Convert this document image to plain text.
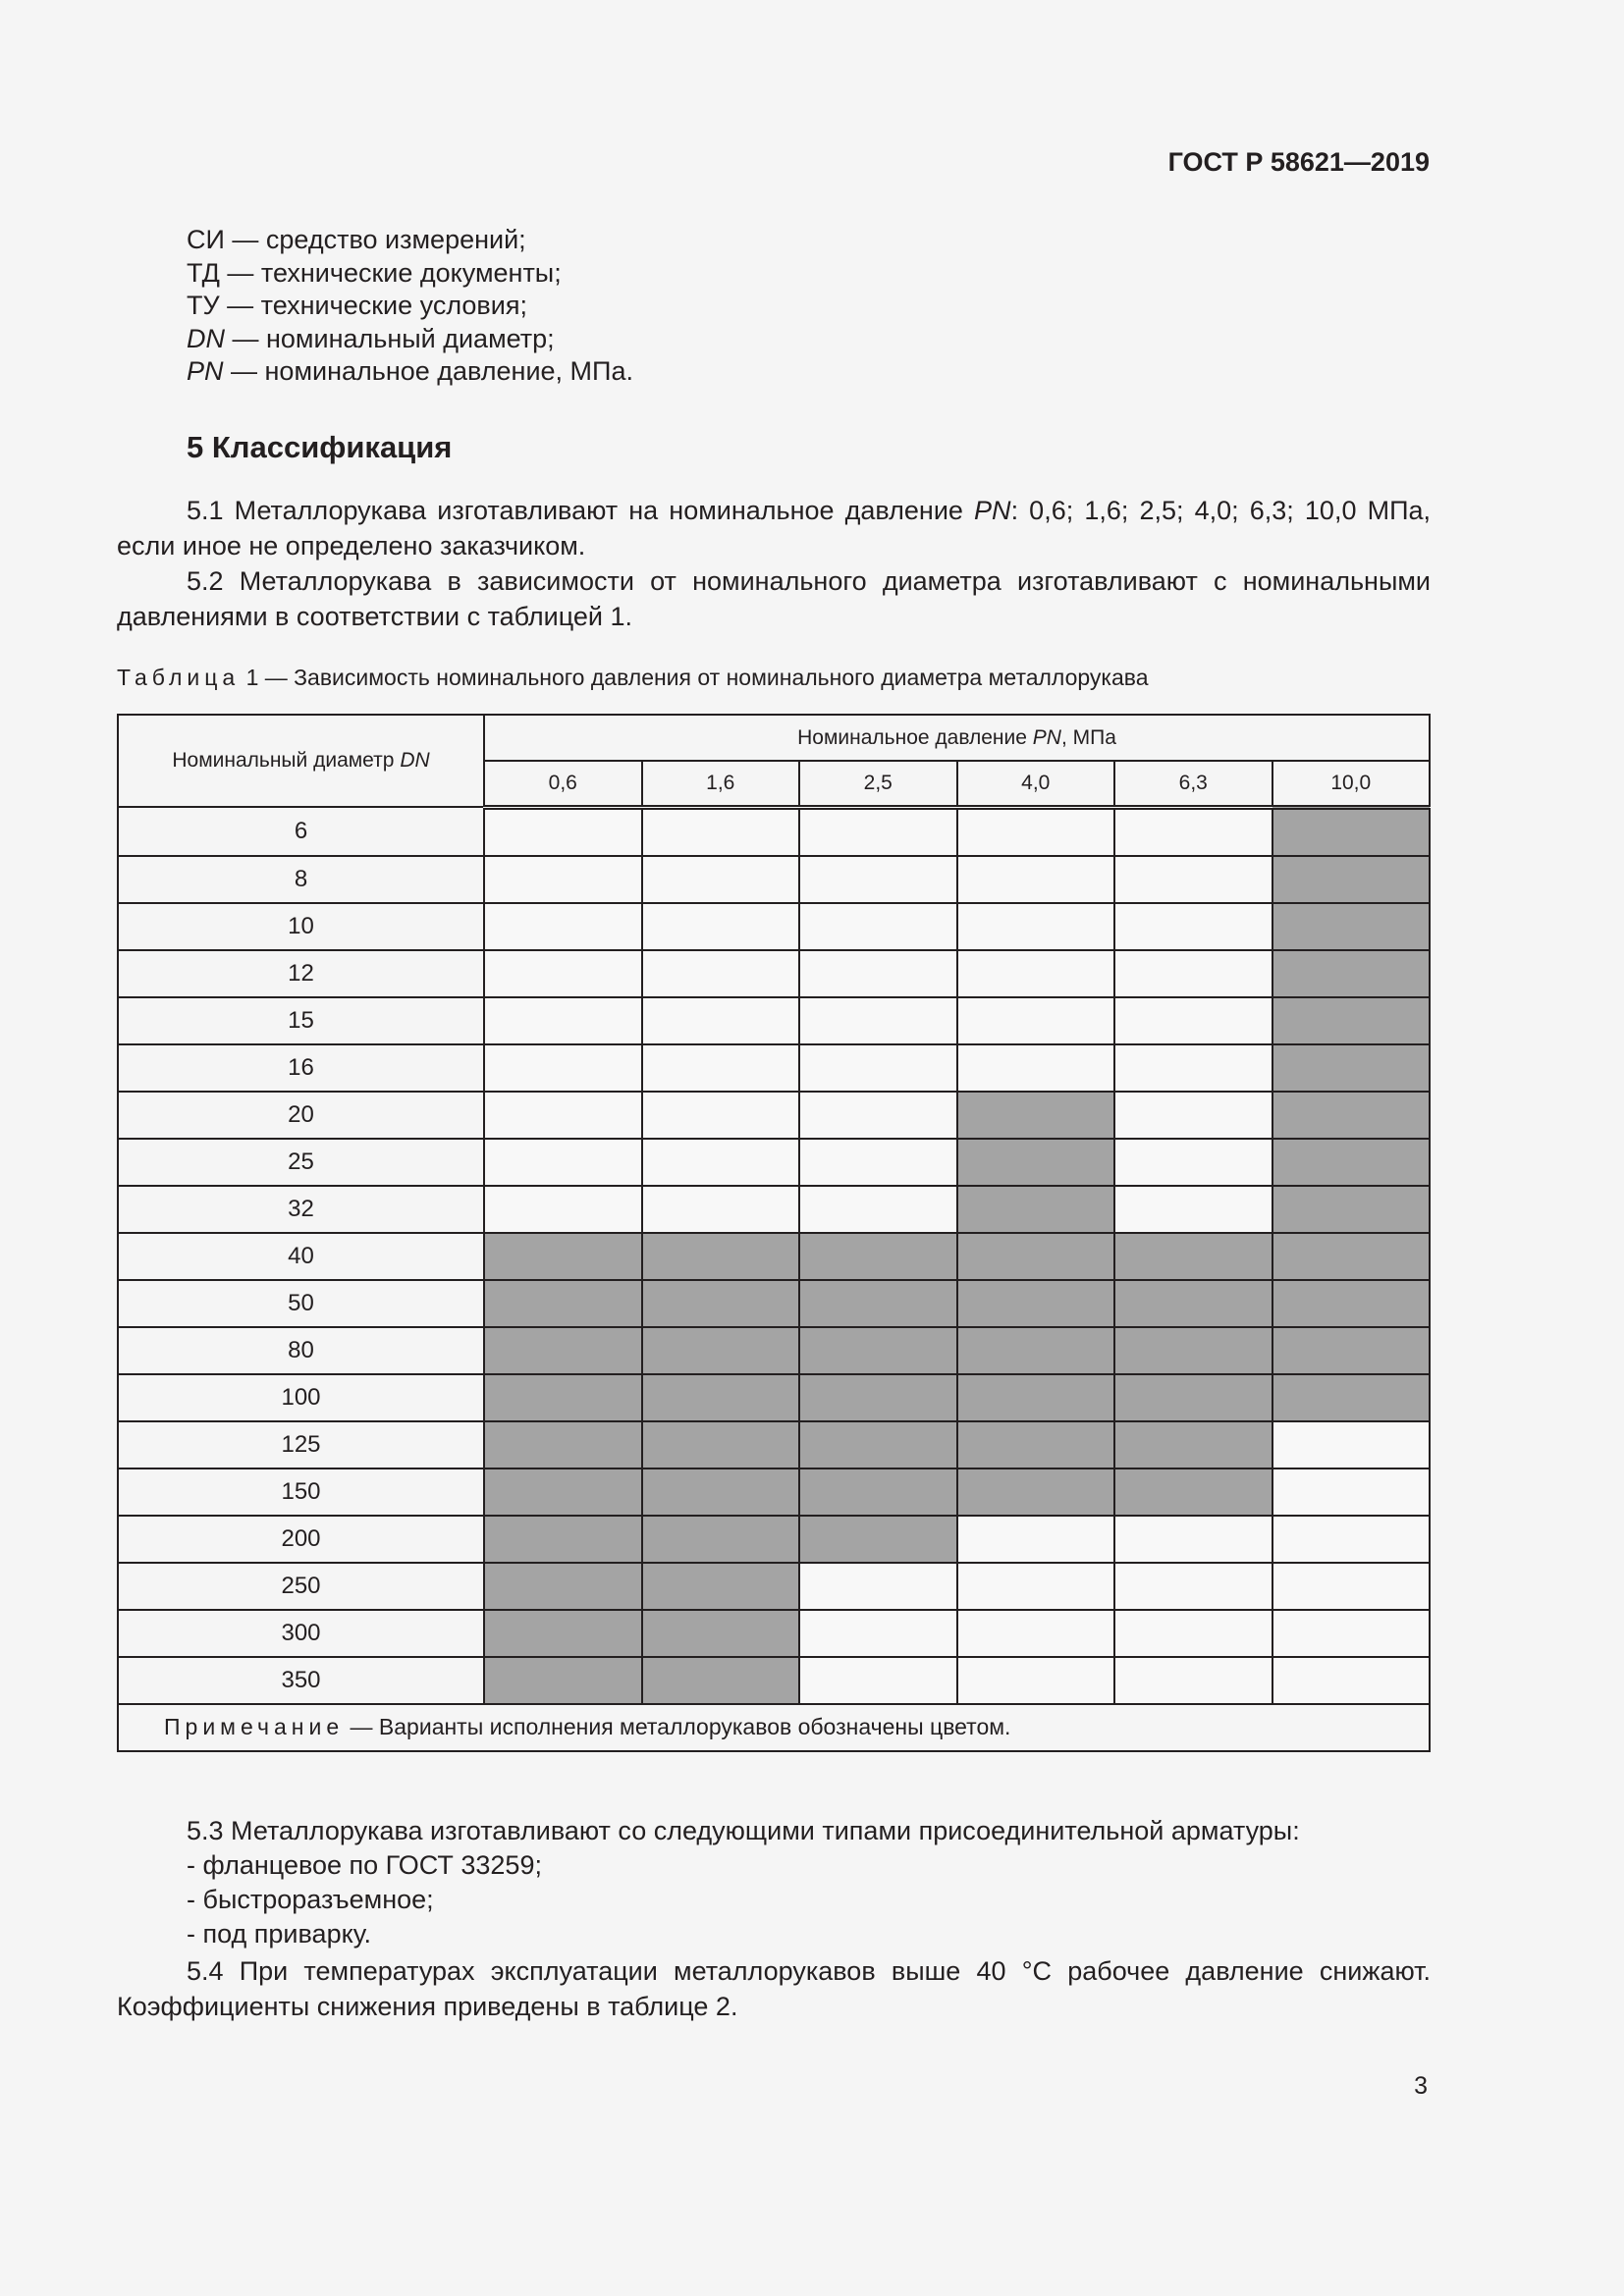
ГОСТ Р 58621—2019
СИ — средство измерений;
ТД — технические документы;
ТУ — технические условия;
DN — номинальный диаметр;
PN — номинальное давление, МПа.
5 Классификация
5.1 Металлорукава изготавливают на номинальное давление PN: 0,6; 1,6; 2,5; 4,0; 6,3; 10,0 МПа, если иное не определено заказчиком.
5.2 Металлорукава в зависимости от номинального диаметра изготавливают с номинальными давлениями в соответствии с таблицей 1.
Таблица 1 — Зависимость номинального давления от номинального диаметра металлорукава
Номинальный диаметр DN	Номинальное давление PN, МПа					
	0,6	1,6	2,5	4,0	6,3	10,0
6						
8						
10						
12						
15						
16						
20						
25						
32						
40						
50						
80						
100						
125						
150						
200						
250						
300						
350						
Примечание — Варианты исполнения металлорукавов обозначены цветом.						
5.3 Металлорукава изготавливают со следующими типами присоединительной арматуры:
- фланцевое по ГОСТ 33259;
- быстроразъемное;
- под приварку.
5.4 При температурах эксплуатации металлорукавов выше 40 °С рабочее давление снижают. Коэффициенты снижения приведены в таблице 2.
3
